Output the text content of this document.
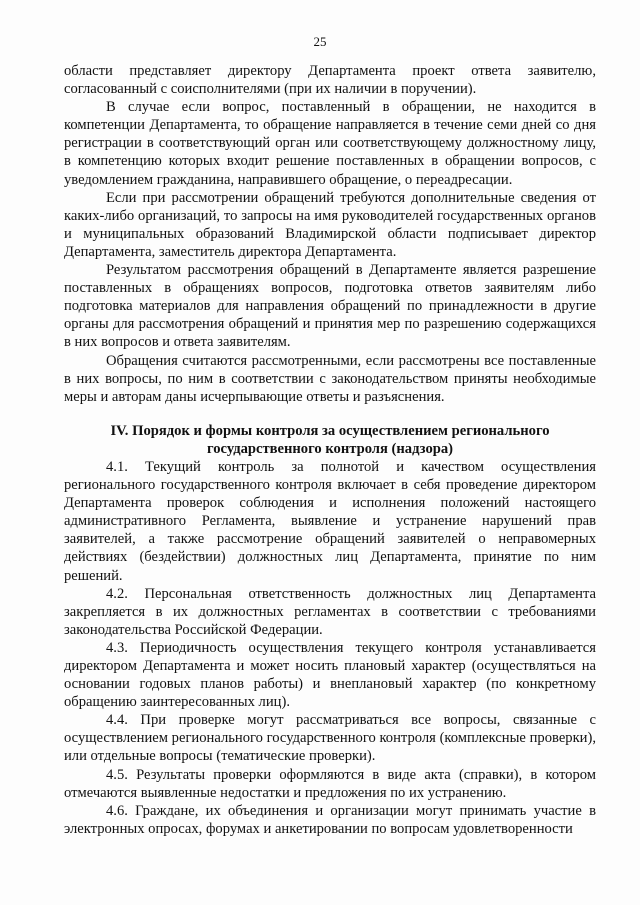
25

области представляет директору Департамента проект ответа заявителю, согласованный с соисполнителями (при их наличии в поручении).

В случае если вопрос, поставленный в обращении, не находится в компетенции Департамента, то обращение направляется в течение семи дней со дня регистрации в соответствующий орган или соответствующему должностному лицу, в компетенцию которых входит решение поставленных в обращении вопросов, с уведомлением гражданина, направившего обращение, о переадресации.

Если при рассмотрении обращений требуются дополнительные сведения от каких-либо организаций, то запросы на имя руководителей государственных органов и муниципальных образований Владимирской области подписывает директор Департамента, заместитель директора Департамента.

Результатом рассмотрения обращений в Департаменте является разрешение поставленных в обращениях вопросов, подготовка ответов заявителям либо подготовка материалов для направления обращений по принадлежности в другие органы для рассмотрения обращений и принятия мер по разрешению содержащихся в них вопросов и ответа заявителям.

Обращения считаются рассмотренными, если рассмотрены все поставленные в них вопросы, по ним в соответствии с законодательством приняты необходимые меры и авторам даны исчерпывающие ответы и разъяснения.

IV. Порядок и формы контроля за осуществлением регионального
государственного контроля (надзора)

4.1. Текущий контроль за полнотой и качеством осуществления регионального государственного контроля включает в себя проведение директором Департамента проверок соблюдения и исполнения положений настоящего административного Регламента, выявление и устранение нарушений прав заявителей, а также рассмотрение обращений заявителей о неправомерных действиях (бездействии) должностных лиц Департамента, принятие по ним решений.

4.2. Персональная ответственность должностных лиц Департамента закрепляется в их должностных регламентах в соответствии с требованиями законодательства Российской Федерации.

4.3. Периодичность осуществления текущего контроля устанавливается директором Департамента и может носить плановый характер (осуществляться на основании годовых планов работы) и внеплановый характер (по конкретному обращению заинтересованных лиц).

4.4. При проверке могут рассматриваться все вопросы, связанные с осуществлением регионального государственного контроля (комплексные проверки), или отдельные вопросы (тематические проверки).

4.5. Результаты проверки оформляются в виде акта (справки), в котором отмечаются выявленные недостатки и предложения по их устранению.

4.6. Граждане, их объединения и организации могут принимать участие в электронных опросах, форумах и анкетировании по вопросам удовлетворенности
